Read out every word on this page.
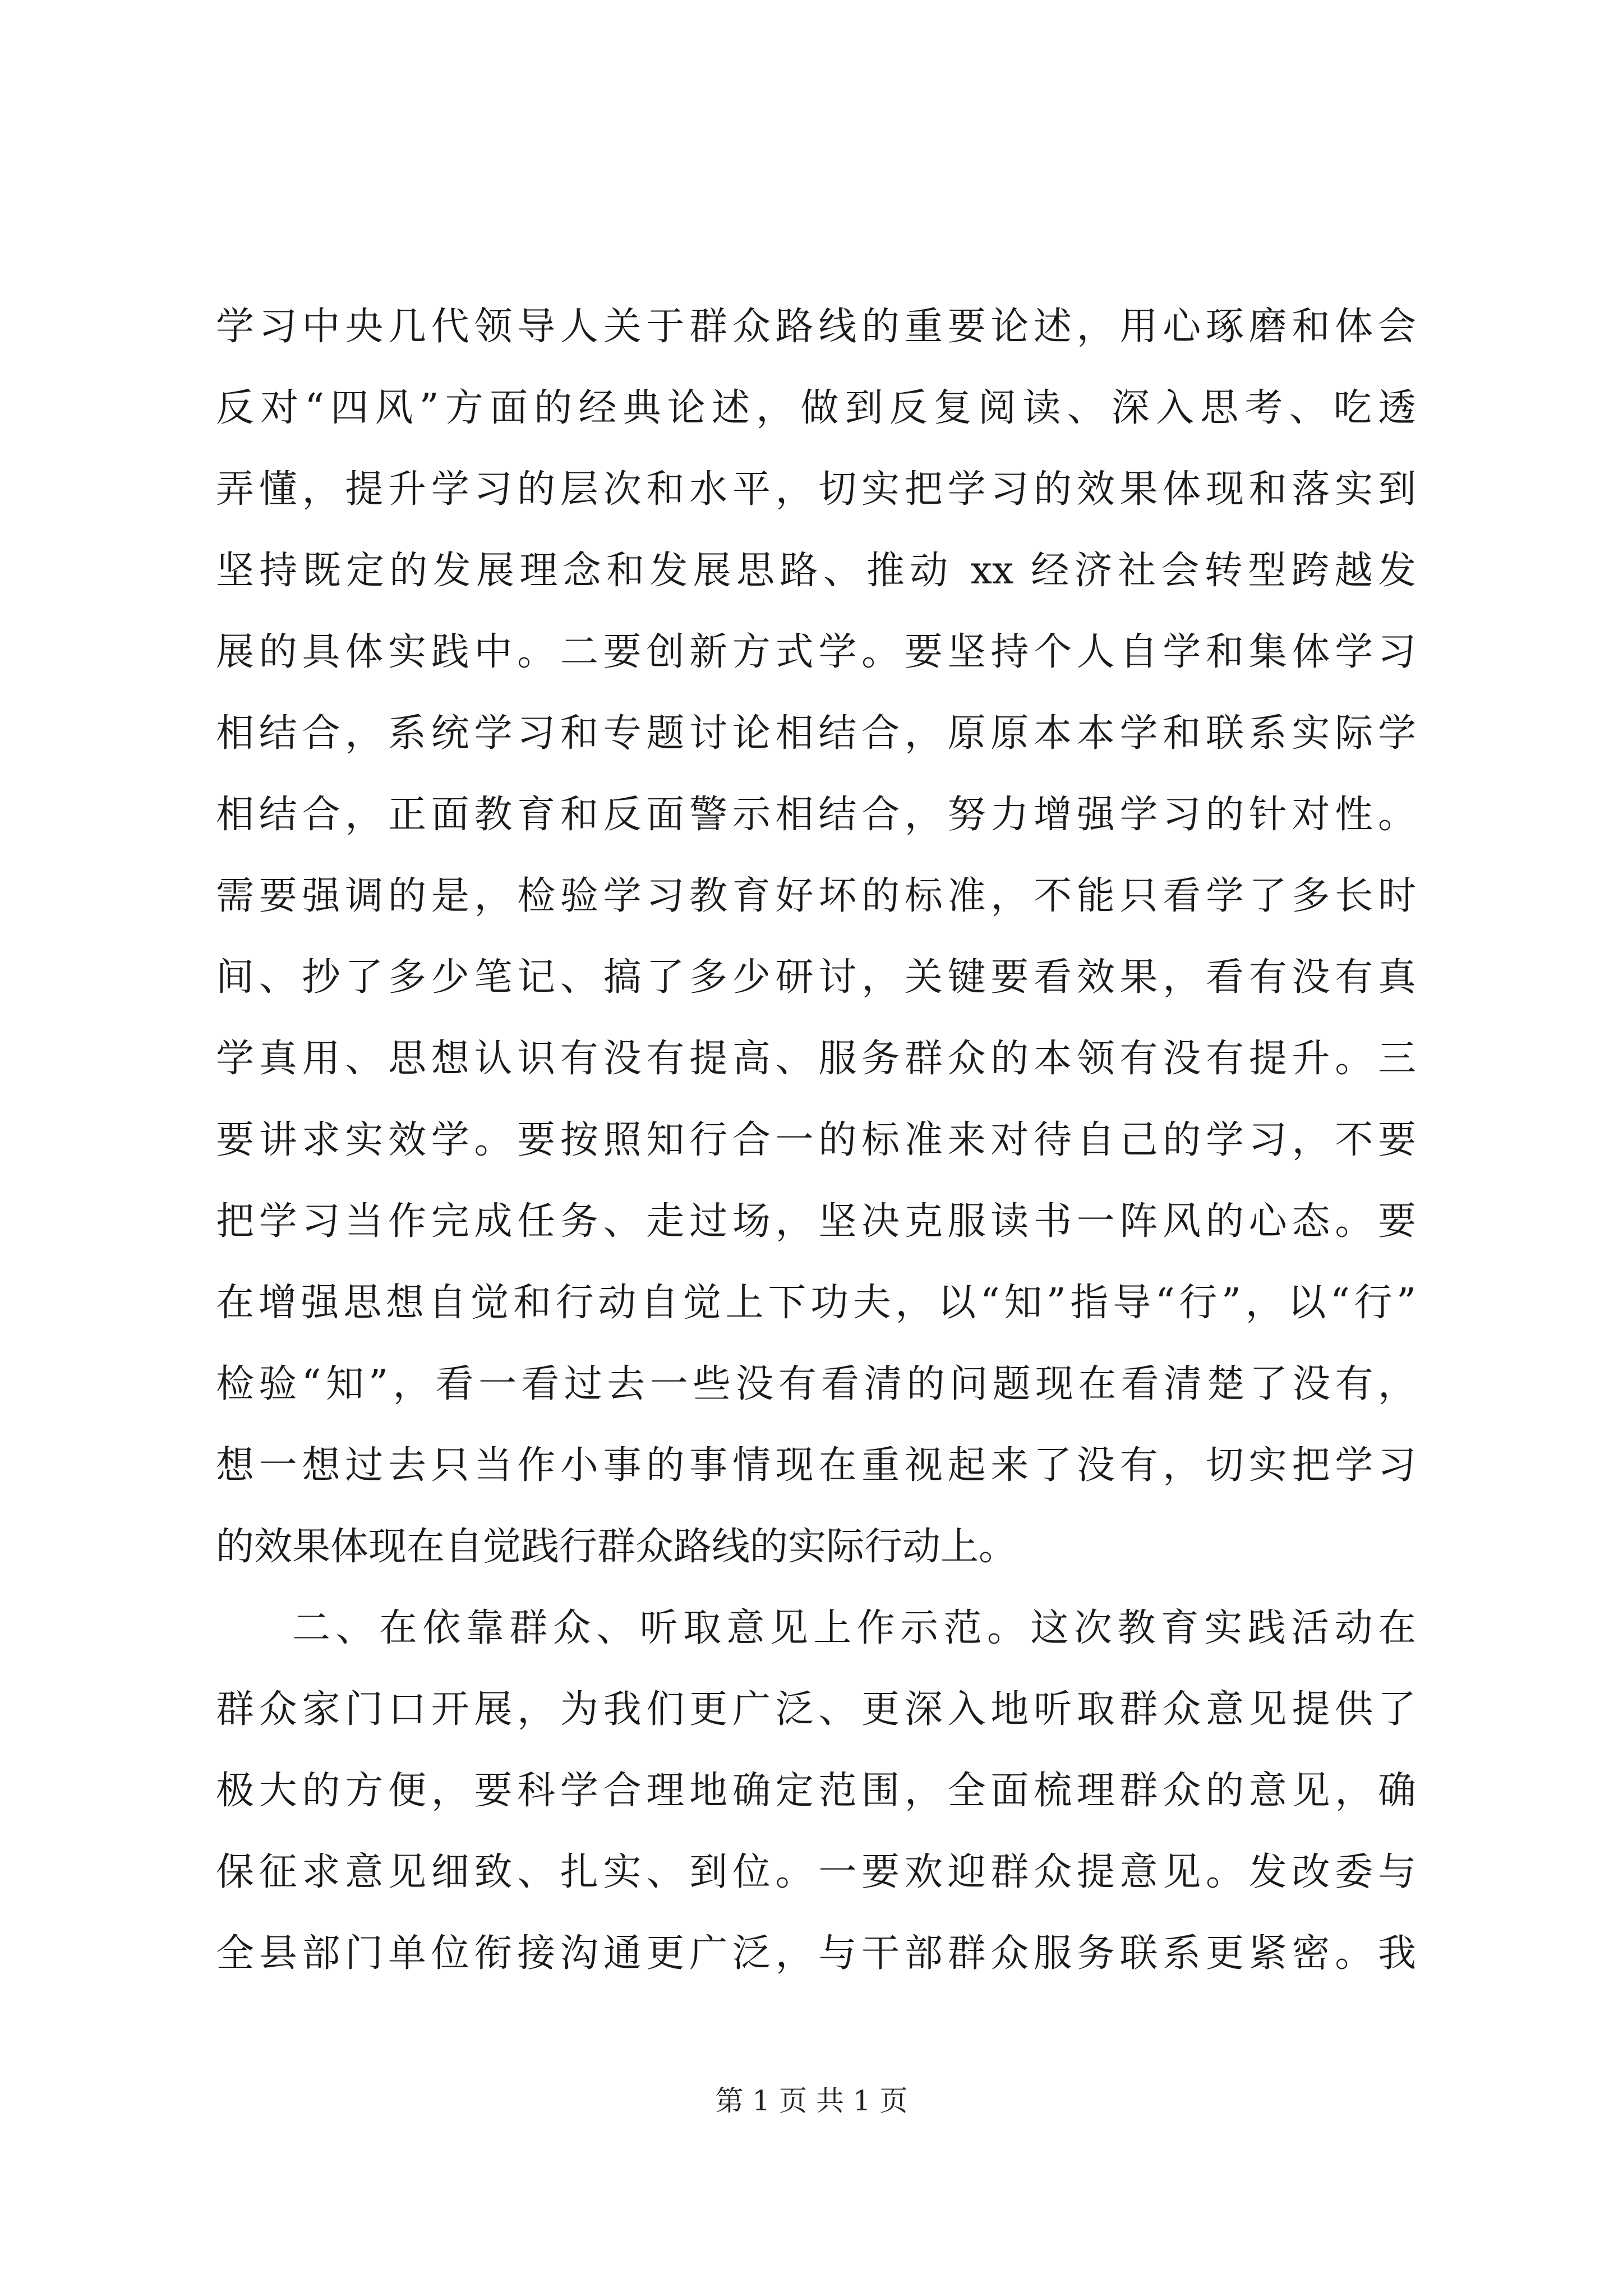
学习中央几代领导人关于群众路线的重要论述，用心琢磨和体会
反对“四风”方面的经典论述，做到反复阅读、深入思考、吃透
弄懂，提升学习的层次和水平，切实把学习的效果体现和落实到
坚持既定的发展理念和发展思路、推动 xx 经济社会转型跨越发
展的具体实践中。二要创新方式学。要坚持个人自学和集体学习
相结合，系统学习和专题讨论相结合，原原本本学和联系实际学
相结合，正面教育和反面警示相结合，努力增强学习的针对性。
需要强调的是，检验学习教育好坏的标准，不能只看学了多长时
间、抄了多少笔记、搞了多少研讨，关键要看效果，看有没有真
学真用、思想认识有没有提高、服务群众的本领有没有提升。三
要讲求实效学。要按照知行合一的标准来对待自己的学习，不要
把学习当作完成任务、走过场，坚决克服读书一阵风的心态。要
在增强思想自觉和行动自觉上下功夫，以“知”指导“行”，以“行”
检验“知”，看一看过去一些没有看清的问题现在看清楚了没有，
想一想过去只当作小事的事情现在重视起来了没有，切实把学习
的效果体现在自觉践行群众路线的实际行动上。
二、在依靠群众、听取意见上作示范。这次教育实践活动在
群众家门口开展，为我们更广泛、更深入地听取群众意见提供了
极大的方便，要科学合理地确定范围，全面梳理群众的意见，确
保征求意见细致、扎实、到位。一要欢迎群众提意见。发改委与
全县部门单位衔接沟通更广泛，与干部群众服务联系更紧密。我
第 1 页 共 1 页
